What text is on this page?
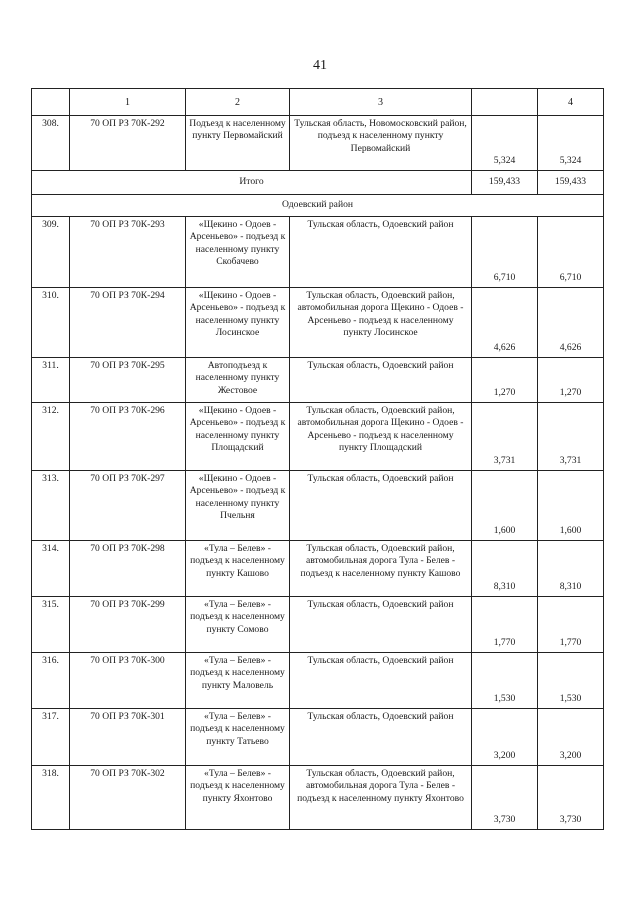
41
	1	2	3		4
308.	70 ОП РЗ 70К-292	Подъезд к населенному пункту Первомайский	Тульская область, Новомосковский район, подъезд к населенному пункту Первомайский	5,324	5,324
Итого				159,433	159,433
Одоевский район					
309.	70 ОП РЗ 70К-293	«Щекино - Одоев - Арсеньево» - подъезд к населенному пункту Скобачево	Тульская область, Одоевский район	6,710	6,710
310.	70 ОП РЗ 70К-294	«Щекино - Одоев - Арсеньево» - подъезд к населенному пункту Лосинское	Тульская область, Одоевский район, автомобильная дорога Щекино - Одоев - Арсеньево - подъезд к населенному пункту Лосинское	4,626	4,626
311.	70 ОП РЗ 70К-295	Автоподъезд к населенному пункту Жестовое	Тульская область, Одоевский район	1,270	1,270
312.	70 ОП РЗ 70К-296	«Щекино - Одоев - Арсеньево» - подъезд к населенному пункту Площадский	Тульская область, Одоевский район, автомобильная дорога Щекино - Одоев - Арсеньево - подъезд к населенному пункту Площадский	3,731	3,731
313.	70 ОП РЗ 70К-297	«Щекино - Одоев - Арсеньево» - подъезд к населенному пункту Пчельня	Тульская область, Одоевский район	1,600	1,600
314.	70 ОП РЗ 70К-298	«Тула – Белев» - подъезд к населенному пункту Кашово	Тульская область, Одоевский район, автомобильная дорога Тула - Белев - подъезд к населенному пункту Кашово	8,310	8,310
315.	70 ОП РЗ 70К-299	«Тула – Белев» - подъезд к населенному пункту Сомово	Тульская область, Одоевский район	1,770	1,770
316.	70 ОП РЗ 70К-300	«Тула – Белев» - подъезд к населенному пункту Маловель	Тульская область, Одоевский район	1,530	1,530
317.	70 ОП РЗ 70К-301	«Тула – Белев» - подъезд к населенному пункту Татьево	Тульская область, Одоевский район	3,200	3,200
318.	70 ОП РЗ 70К-302	«Тула – Белев» - подъезд к населенному пункту Яхонтово	Тульская область, Одоевский район, автомобильная дорога Тула - Белев - подъезд к населенному пункту Яхонтово	3,730	3,730
